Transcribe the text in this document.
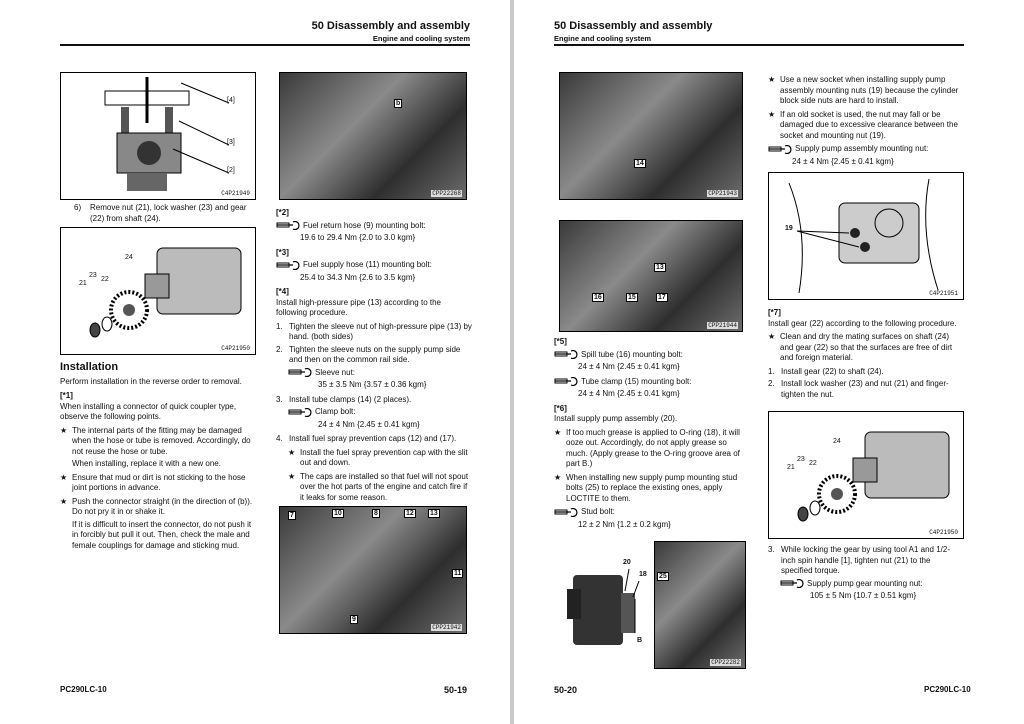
50 Disassembly and assembly
Engine and cooling system
[4]
[3]
[2]
C4P21949
6)	Remove nut (21), lock washer (23) and gear (22) from shaft (24).
21
23
22
24
C4P21950
Installation

Perform installation in the reverse order to removal.

[*1]

When installing a connector of quick coupler type, observe the following points.

★ The internal parts of the fitting may be damaged when the hose or tube is removed. Accordingly, do not reuse the hose or tube.
When installing, replace it with a new one.
★ Ensure that mud or dirt is not sticking to the hose joint portions in advance.
★ Push the connector straight (in the direction of (b)). Do not pry it in or shake it.
If it is difficult to insert the connector, do not push it in forcibly but pull it out. Then, check the male and female couplings for damage and sticking mud.
b
CPP22268
[*2]
Fuel return hose (9) mounting bolt:
19.6 to 29.4 Nm {2.0 to 3.0 kgm}
[*3]
Fuel supply hose (11) mounting bolt:
25.4 to 34.3 Nm {2.6 to 3.5 kgm}
[*4]

Install high-pressure pipe (13) according to the following procedure.

1. Tighten the sleeve nut of high-pressure pipe (13) by hand. (both sides)
2. Tighten the sleeve nuts on the supply pump side and then on the common rail side.
Sleeve nut:
35 ± 3.5 Nm {3.57 ± 0.36 kgm}
3. Install tube clamps (14) (2 places).
Clamp bolt:
24 ± 4 Nm {2.45 ± 0.41 kgm}
4. Install fuel spray prevention caps (12) and (17).
★ Install the fuel spray prevention cap with the slit out and down.
★ The caps are installed so that fuel will not spout over the hot parts of the engine and catch fire if it leaks for some reason.
7	10	8	12 13
11
9
CPP21942
PC290LC-10	50-19
50 Disassembly and assembly
Engine and cooling system
14
CPP21943
13
16	15	17
CPP21944
[*5]
Spill tube (16) mounting bolt:
24 ± 4 Nm {2.45 ± 0.41 kgm}
Tube clamp (15) mounting bolt:
24 ± 4 Nm {2.45 ± 0.41 kgm}
[*6]

Install supply pump assembly (20).

★ If too much grease is applied to O-ring (18), it will ooze out. Accordingly, do not apply grease so much. (Apply grease to the O-ring groove area of part B.)
★ When installing new supply pump mounting stud bolts (25) to replace the existing ones, apply LOCTITE to them.
Stud bolt:
12 ± 2 Nm {1.2 ± 0.2 kgm}
20
18
B
25
CPP22282
★ Use a new socket when installing supply pump assembly mounting nuts (19) because the cylinder block side nuts are hard to install.
★ If an old socket is used, the nut may fall or be damaged due to excessive clearance between the socket and mounting nut (19).
Supply pump assembly mounting nut:
24 ± 4 Nm {2.45 ± 0.41 kgm}
19
C4P21951
[*7]

Install gear (22) according to the following procedure.

★ Clean and dry the mating surfaces on shaft (24) and gear (22) so that the surfaces are free of dirt and foreign material.
1. Install gear (22) to shaft (24).
2. Install lock washer (23) and nut (21) and finger-tighten the nut.
21
23
22
24
C4P21950
3. While locking the gear by using tool A1 and 1/2-inch spin handle [1], tighten nut (21) to the specified torque.
Supply pump gear mounting nut:
105 ± 5 Nm {10.7 ± 0.51 kgm}
50-20	PC290LC-10
